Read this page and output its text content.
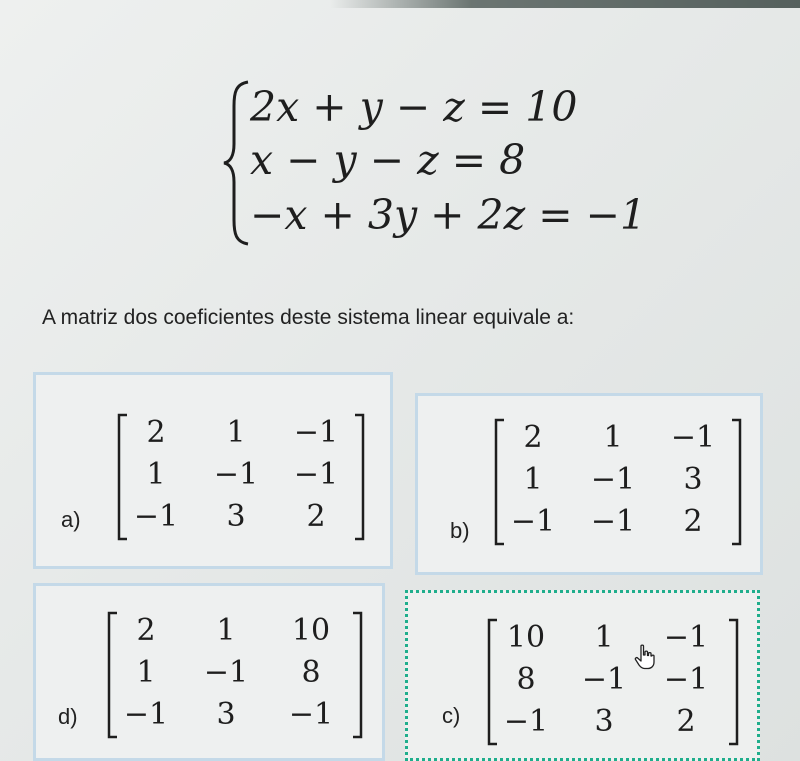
2x + y − z = 10
x − y − z = 8
−x + 3y + 2z = −1
A matriz dos coeficientes deste sistema linear equivale a:
a)
2	1	−1
1	−1	−1
−1	3	2	b)
2	1	−1
1	−1	3
−1	−1	2
d)
2	1	10
1	−1	8
−1	3	−1	c)
10	1	−1
8	−1	−1
−1	3	2
